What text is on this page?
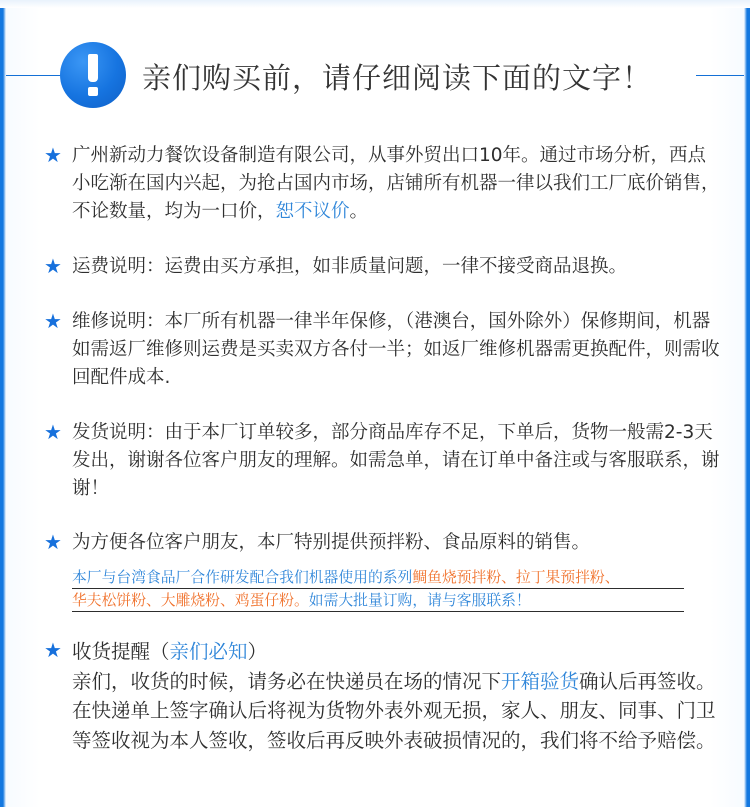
亲们购买前，请仔细阅读下面的文字！
★ 广州新动力餐饮设备制造有限公司，从事外贸出口10年。通过市场分析，西点小吃渐在国内兴起，为抢占国内市场，店铺所有机器一律以我们工厂底价销售，不论数量，均为一口价，恕不议价。
★ 运费说明：运费由买方承担，如非质量问题，一律不接受商品退换。
★ 维修说明：本厂所有机器一律半年保修，（港澳台，国外除外）保修期间，机器如需返厂维修则运费是买卖双方各付一半；如返厂维修机器需更换配件，则需收回配件成本.
★ 发货说明：由于本厂订单较多，部分商品库存不足，下单后，货物一般需2-3天发出，谢谢各位客户朋友的理解。如需急单，请在订单中备注或与客服联系，谢谢！
★ 为方便各位客户朋友，本厂特别提供预拌粉、食品原料的销售。
本厂与台湾食品厂合作研发配合我们机器使用的系列鲷鱼烧预拌粉、拉丁果预拌粉、
华夫松饼粉、大雕烧粉、鸡蛋仔粉。如需大批量订购，请与客服联系！
★ 收货提醒（亲们必知）
亲们，收货的时候，请务必在快递员在场的情况下开箱验货确认后再签收。在快递单上签字确认后将视为货物外表外观无损，家人、朋友、同事、门卫等签收视为本人签收，签收后再反映外表破损情况的，我们将不给予赔偿。
